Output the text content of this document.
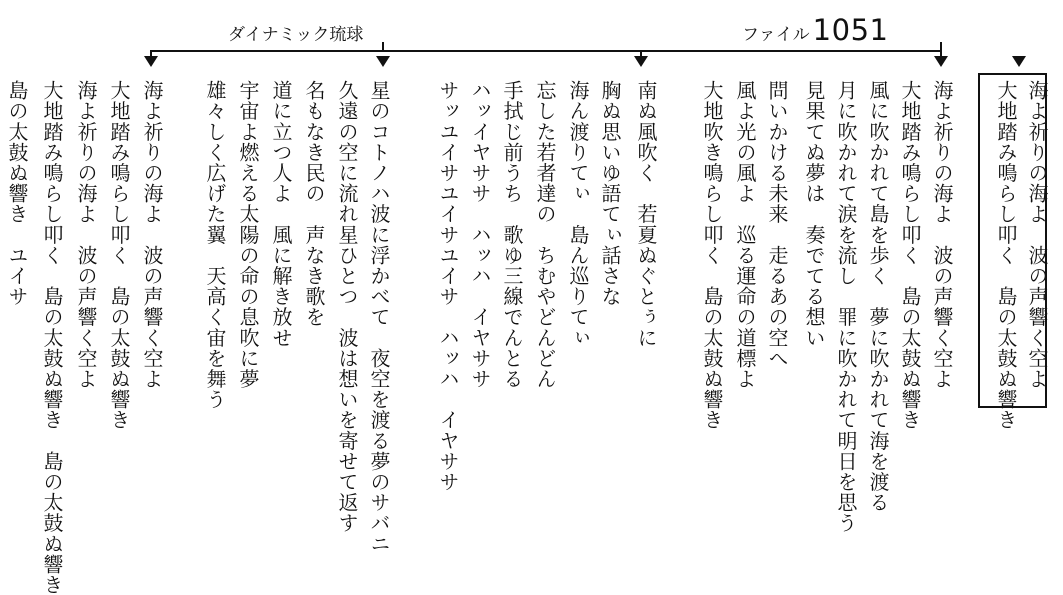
ファイル 1051
ダイナミック琉球
海よ祈りの海よ　波の声響く空よ
大地踏み鳴らし叩く　島の太鼓ぬ響き
海よ祈りの海よ　波の声響く空よ
大地踏み鳴らし叩く　島の太鼓ぬ響き
風に吹かれて島を歩く　夢に吹かれて海を渡る
月に吹かれて涙を流し　罪に吹かれて明日を思う
見果てぬ夢は　奏でてる想い
問いかける未来　走るあの空へ
風よ光の風よ　巡る運命の道標よ
大地吹き鳴らし叩く　島の太鼓ぬ響き
南ぬ風吹く　若夏ぬぐとぅに
胸ぬ思いゆ語てぃ話さな
海ん渡りてぃ　島ん巡りてぃ
忘した若者達の　ちむやどんどん
手拭じ前うち　歌ゆ三線でんとる
ハッイヤササ　ハッハ　イヤササ
サッユイサユイサユイサ　ハッハ　イヤササ
星のコトノハ波に浮かべて　夜空を渡る夢のサバニ
久遠の空に流れ星ひとつ　波は想いを寄せて返す
名もなき民の　声なき歌を
道に立つ人よ　風に解き放せ
宇宙よ燃える太陽の命の息吹に夢
雄々しく広げた翼　天高く宙を舞う
海よ祈りの海よ　波の声響く空よ
大地踏み鳴らし叩く　島の太鼓ぬ響き
海よ祈りの海よ　波の声響く空よ
大地踏み鳴らし叩く　島の太鼓ぬ響き　島の太鼓ぬ響き
島の太鼓ぬ響き　ユイサ
